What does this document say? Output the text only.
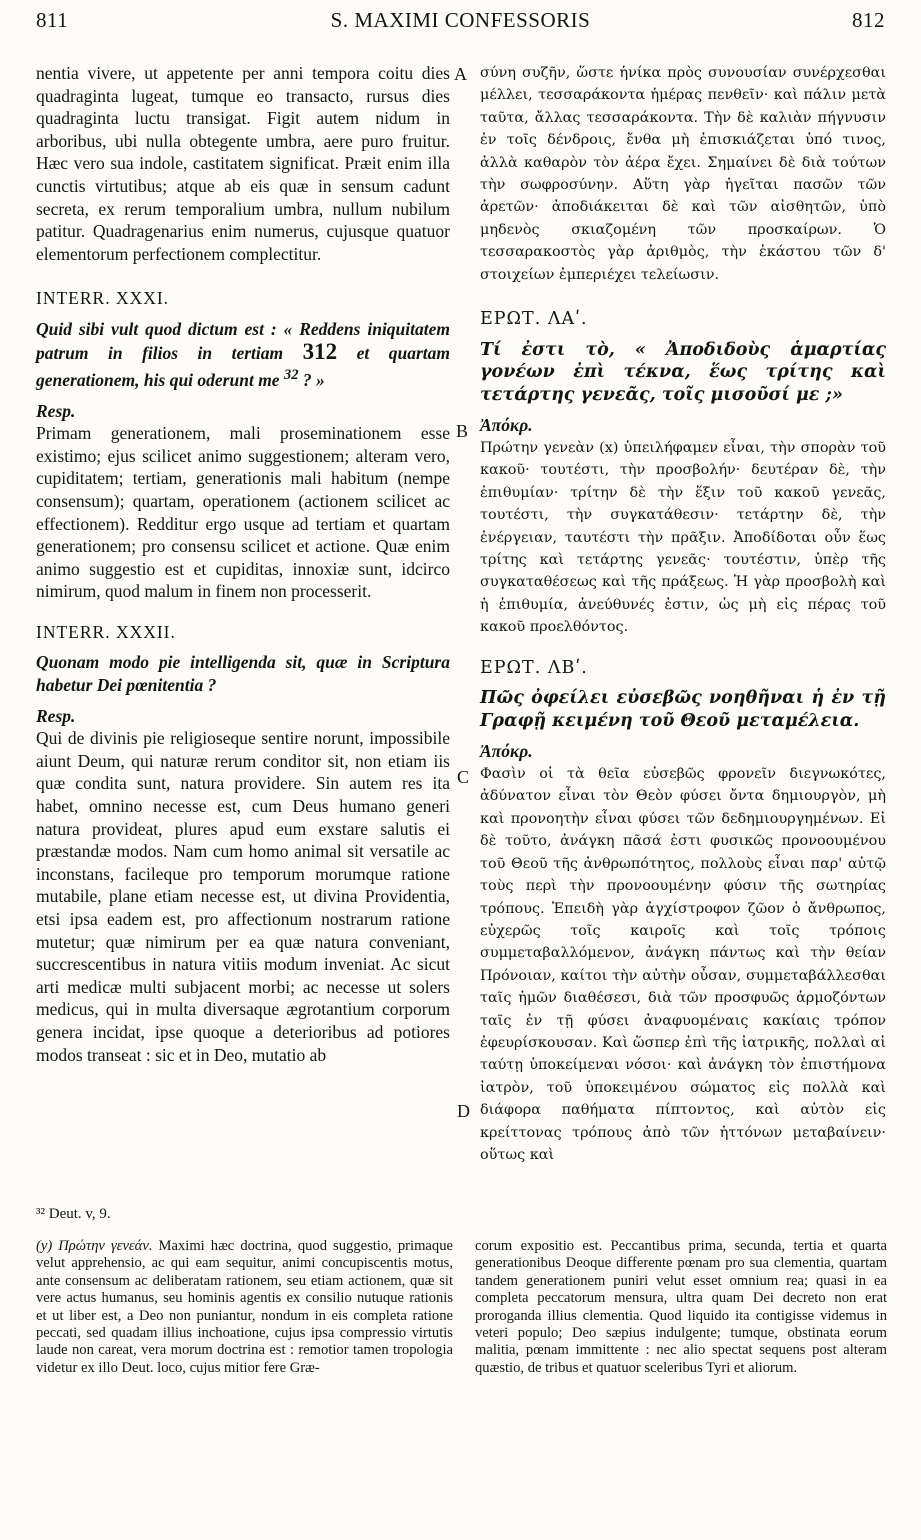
811	S. MAXIMI CONFESSORIS	812
A
B
C
D

nentia vivere, ut appetente per anni tempora coitu dies quadraginta lugeat, tumque eo transacto, rursus dies quadraginta luctu transigat. Figit autem nidum in arboribus, ubi nulla obtegente umbra, aere puro fruitur. Hæc vero sua indole, castitatem significat. Præit enim illa cunctis virtutibus; atque ab eis quæ in sensum cadunt secreta, ex rerum temporalium umbra, nullum nubilum patitur. Quadragenarius enim numerus, cujusque quatuor elementorum perfectionem complectitur.

INTERR. XXXI.

Quid sibi vult quod dictum est : « Reddens iniquitatem patrum in filios in tertiam 312 et quartam generationem, his qui oderunt me $^{32}$ ? »

Resp.

Primam generationem, mali proseminationem esse existimo; ejus scilicet animo suggestionem; alteram vero, cupiditatem; tertiam, generationis mali habitum (nempe consensum); quartam, operationem (actionem scilicet ac effectionem). Redditur ergo usque ad tertiam et quartam generationem; pro consensu scilicet et actione. Quæ enim animo suggestio est et cupiditas, innoxiæ sunt, idcirco nimirum, quod malum in finem non processerit.

INTERR. XXXII.

Quonam modo pie intelligenda sit, quæ in Scriptura habetur Dei pœnitentia ?

Resp.

Qui de divinis pie religioseque sentire norunt, impossibile aiunt Deum, qui naturæ rerum conditor sit, non etiam iis quæ condita sunt, natura providere. Sin autem res ita habet, omnino necesse est, cum Deus humano generi natura provideat, plures apud eum exstare salutis ei præstandæ modos. Nam cum homo animal sit versatile ac inconstans, facileque pro temporum morumque ratione mutabile, plane etiam necesse est, ut divina Providentia, etsi ipsa eadem est, pro affectionum nostrarum ratione mutetur; quæ nimirum per ea quæ natura conveniant, succrescentibus in natura vitiis modum inveniat. Ac sicut arti medicæ multi subjacent morbi; ac necesse ut solers medicus, qui in multa diversaque ægrotantium corporum genera incidat, ipse quoque a deterioribus ad potiores modos transeat : sic et in Deo, mutatio ab

σύνη συζῆν, ὥστε ἡνίκα πρὸς συνουσίαν συνέρχεσθαι μέλλει, τεσσαράκοντα ἡμέρας πενθεῖν· καὶ πάλιν μετὰ ταῦτα, ἄλλας τεσσαράκοντα. Τὴν δὲ καλιὰν πήγνυσιν ἐν τοῖς δένδροις, ἔνθα μὴ ἐπισκιάζεται ὑπό τινος, ἀλλὰ καθαρὸν τὸν ἀέρα ἔχει. Σημαίνει δὲ διὰ τούτων τὴν σωφροσύνην. Αὕτη γὰρ ἡγεῖται πασῶν τῶν ἀρετῶν· ἀποδιάκειται δὲ καὶ τῶν αἰσθητῶν, ὑπὸ μηδενὸς σκιαζομένη τῶν προσκαίρων. Ὁ τεσσαρακοστὸς γὰρ ἀριθμὸς, τὴν ἑκάστου τῶν δ' στοιχείων ἐμπεριέχει τελείωσιν.

ΕΡΩΤ. ΛΑʹ.

Τί ἐστι τὸ, « Ἀποδιδοὺς ἁμαρτίας γονέων ἐπὶ τέκνα, ἕως τρίτης καὶ τετάρτης γενεᾶς, τοῖς μισοῦσί με ;»

Ἀπόκρ.

Πρώτην γενεὰν (x) ὑπειλήφαμεν εἶναι, τὴν σπορὰν τοῦ κακοῦ· τουτέστι, τὴν προσβολήν· δευτέραν δὲ, τὴν ἐπιθυμίαν· τρίτην δὲ τὴν ἕξιν τοῦ κακοῦ γενεᾶς, τουτέστι, τὴν συγκατάθεσιν· τετάρτην δὲ, τὴν ἐνέργειαν, ταυτέστι τὴν πρᾶξιν. Ἀποδίδοται οὖν ἕως τρίτης καὶ τετάρτης γενεᾶς· τουτέστιν, ὑπὲρ τῆς συγκαταθέσεως καὶ τῆς πράξεως. Ἡ γὰρ προσβολὴ καὶ ἡ ἐπιθυμία, ἀνεύθυνές ἐστιν, ὡς μὴ εἰς πέρας τοῦ κακοῦ προελθόντος.

ΕΡΩΤ. ΛΒʹ.

Πῶς ὀφείλει εὐσεβῶς νοηθῆναι ἡ ἐν τῇ Γραφῇ κειμένη τοῦ Θεοῦ μεταμέλεια.

Ἀπόκρ.

Φασὶν οἱ τὰ θεῖα εὐσεβῶς φρονεῖν διεγνωκότες, ἀδύνατον εἶναι τὸν Θεὸν φύσει ὄντα δημιουργὸν, μὴ καὶ προνοητὴν εἶναι φύσει τῶν δεδημιουργημένων. Εἰ δὲ τοῦτο, ἀνάγκη πᾶσά ἐστι φυσικῶς προνοουμένου τοῦ Θεοῦ τῆς ἀνθρωπότητος, πολλοὺς εἶναι παρ' αὐτῷ τοὺς περὶ τὴν προνοουμένην φύσιν τῆς σωτηρίας τρόπους. Ἐπειδὴ γὰρ ἀγχίστροφον ζῶον ὁ ἄνθρωπος, εὐχερῶς τοῖς καιροῖς καὶ τοῖς τρόποις συμμεταβαλλόμενον, ἀνάγκη πάντως καὶ τὴν θείαν Πρόνοιαν, καίτοι τὴν αὐτὴν οὖσαν, συμμεταβάλλεσθαι ταῖς ἡμῶν διαθέσεσι, διὰ τῶν προσφυῶς ἁρμοζόντων ταῖς ἐν τῇ φύσει ἀναφυομέναις κακίαις τρόπον ἐφευρίσκουσαν. Καὶ ὥσπερ ἐπὶ τῆς ἰατρικῆς, πολλαὶ αἱ ταύτῃ ὑποκείμεναι νόσοι· καὶ ἀνάγκη τὸν ἐπιστήμονα ἰατρὸν, τοῦ ὑποκειμένου σώματος εἰς πολλὰ καὶ διάφορα παθήματα πίπτοντος, καὶ αὐτὸν εἰς κρείττονας τρόπους ἀπὸ τῶν ἡττόνων μεταβαίνειν· οὕτως καὶ

³² Deut. v, 9.

(y) Πρώτην γενεάν. Maximi hæc doctrina, quod suggestio, primaque velut apprehensio, ac qui eam sequitur, animi concupiscentis motus, ante consensum ac deliberatam rationem, seu etiam actionem, quæ sit vere actus humanus, seu hominis agentis ex consilio nutuque rationis et ut liber est, a Deo non puniantur, nondum in eis completa ratione peccati, sed quadam illius inchoatione, cujus ipsa compressio virtutis laude non careat, vera morum doctrina est : remotior tamen tropologia videtur ex illo Deut. loco, cujus mitior fere Græ-

corum expositio est. Peccantibus prima, secunda, tertia et quarta generationibus Deoque differente pœnam pro sua clementia, quartam tandem generationem puniri velut esset omnium rea; quasi in ea completa peccatorum mensura, ultra quam Dei decreto non erat proroganda illius clementia. Quod liquido ita contigisse videmus in veteri populo; Deo sæpius indulgente; tumque, obstinata eorum malitia, pœnam immittente : nec alio spectat sequens post alteram quæstio, de tribus et quatuor sceleribus Tyri et aliorum.
